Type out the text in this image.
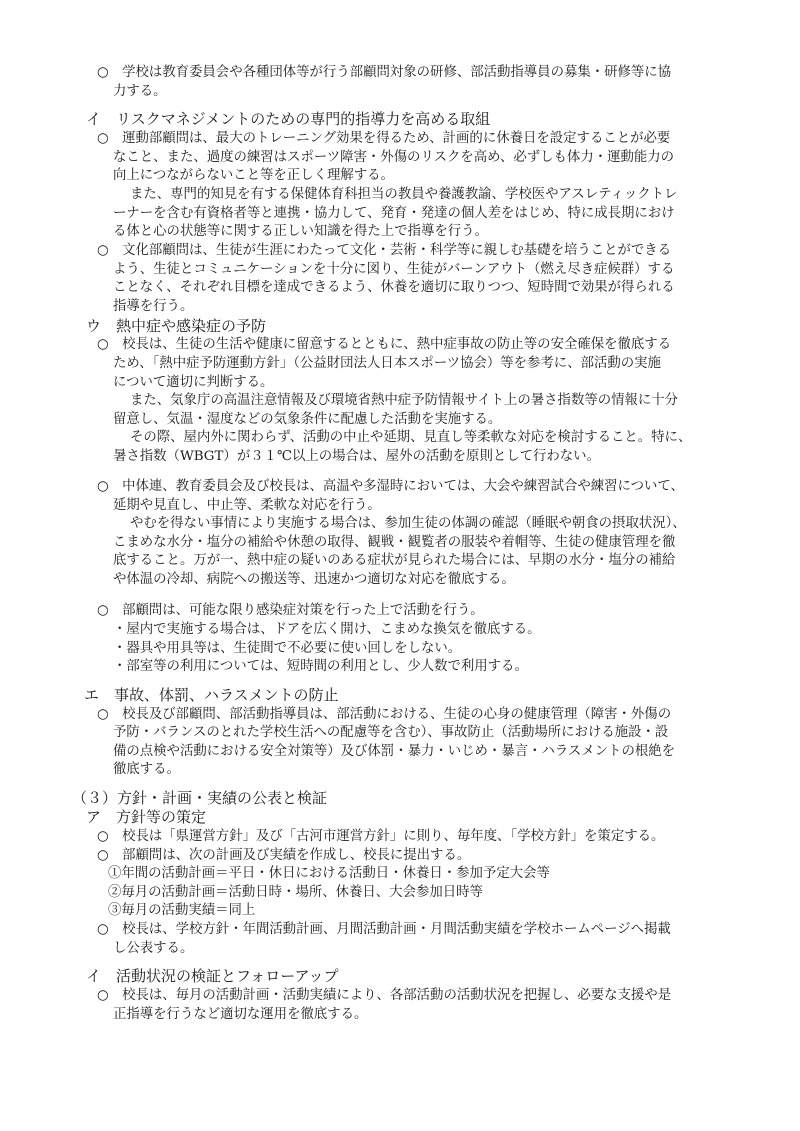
○　学校は教育委員会や各種団体等が行う部顧問対象の研修、部活動指導員の募集・研修等に協
力する。
イ　リスクマネジメントのための専門的指導力を高める取組
○　運動部顧問は、最大のトレーニング効果を得るため、計画的に休養日を設定することが必要
なこと、また、過度の練習はスポーツ障害・外傷のリスクを高め、必ずしも体力・運動能力の
向上につながらないこと等を正しく理解する。
また、専門的知見を有する保健体育科担当の教員や養護教諭、学校医やアスレティックトレ
ーナーを含む有資格者等と連携・協力して、発育・発達の個人差をはじめ、特に成長期におけ
る体と心の状態等に関する正しい知識を得た上で指導を行う。
○　文化部顧問は、生徒が生涯にわたって文化・芸術・科学等に親しむ基礎を培うことができる
よう、生徒とコミュニケーションを十分に図り、生徒がバーンアウト（燃え尽き症候群）する
ことなく、それぞれ目標を達成できるよう、休養を適切に取りつつ、短時間で効果が得られる
指導を行う。
ウ　熱中症や感染症の予防
○　校長は、生徒の生活や健康に留意するとともに、熱中症事故の防止等の安全確保を徹底する
ため、「熱中症予防運動方針」（公益財団法人日本スポーツ協会）等を参考に、部活動の実施
について適切に判断する。
また、気象庁の高温注意情報及び環境省熱中症予防情報サイト上の暑さ指数等の情報に十分
留意し、気温・湿度などの気象条件に配慮した活動を実施する。
その際、屋内外に関わらず、活動の中止や延期、見直し等柔軟な対応を検討すること。特に、
暑さ指数（WBGT）が３１℃以上の場合は、屋外の活動を原則として行わない。
○　中体連、教育委員会及び校長は、高温や多湿時においては、大会や練習試合や練習について、
延期や見直し、中止等、柔軟な対応を行う。
やむを得ない事情により実施する場合は、参加生徒の体調の確認（睡眠や朝食の摂取状況）、
こまめな水分・塩分の補給や休憩の取得、観戦・観覧者の服装や着帽等、生徒の健康管理を徹
底すること。万が一、熱中症の疑いのある症状が見られた場合には、早期の水分・塩分の補給
や体温の冷却、病院への搬送等、迅速かつ適切な対応を徹底する。
○　部顧問は、可能な限り感染症対策を行った上で活動を行う。
・屋内で実施する場合は、ドアを広く開け、こまめな換気を徹底する。
・器具や用具等は、生徒間で不必要に使い回しをしない。
・部室等の利用については、短時間の利用とし、少人数で利用する。
エ　事故、体罰、ハラスメントの防止
○　校長及び部顧問、部活動指導員は、部活動における、生徒の心身の健康管理（障害・外傷の
予防・バランスのとれた学校生活への配慮等を含む）、事故防止（活動場所における施設・設
備の点検や活動における安全対策等）及び体罰・暴力・いじめ・暴言・ハラスメントの根絶を
徹底する。
（３）方針・計画・実績の公表と検証
ア　方針等の策定
○　校長は「県運営方針」及び「古河市運営方針」に則り、毎年度、「学校方針」を策定する。
○　部顧問は、次の計画及び実績を作成し、校長に提出する。
①年間の活動計画＝平日・休日における活動日・休養日・参加予定大会等
②毎月の活動計画＝活動日時・場所、休養日、大会参加日時等
③毎月の活動実績＝同上
○　校長は、学校方針・年間活動計画、月間活動計画・月間活動実績を学校ホームページへ掲載
し公表する。
イ　活動状況の検証とフォローアップ
○　校長は、毎月の活動計画・活動実績により、各部活動の活動状況を把握し、必要な支援や是
正指導を行うなど適切な運用を徹底する。
